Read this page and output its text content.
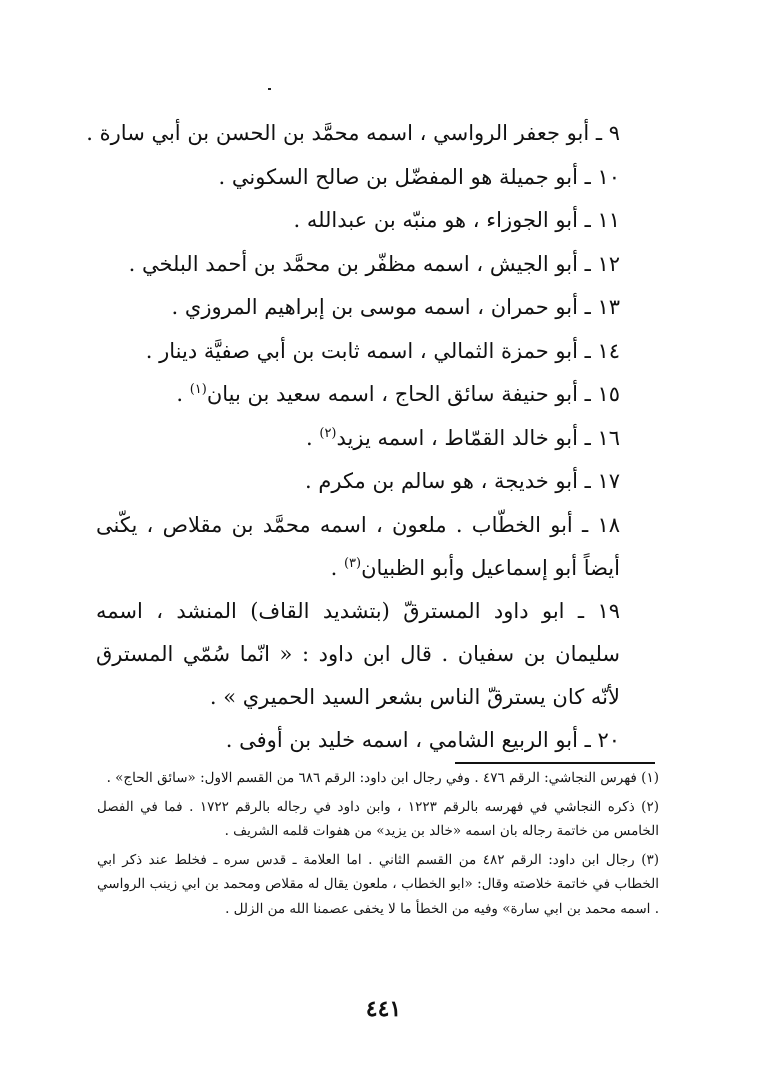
٩ ـ أبو جعفر الرواسي ، اسمه محمَّد بن الحسن بن أبي سارة .
١٠ ـ أبو جميلة هو المفضّل بن صالح السكوني .
١١ ـ أبو الجوزاء ، هو منبّه بن عبدالله .
١٢ ـ أبو الجيش ، اسمه مظفّر بن محمَّد بن أحمد البلخي .
١٣ ـ أبو حمران ، اسمه موسى بن إبراهيم المروزي .
١٤ ـ أبو حمزة الثمالي ، اسمه ثابت بن أبي صفيَّة دينار .
١٥ ـ أبو حنيفة سائق الحاج ، اسمه سعيد بن بيان$^{(١)}$ .
١٦ ـ أبو خالد القمّاط ، اسمه يزيد$^{(٢)}$ .
١٧ ـ أبو خديجة ، هو سالم بن مكرم .
١٨ ـ أبو الخطّاب . ملعون ، اسمه محمَّد بن مقلاص ، يكّنى أيضاً أبو إسماعيل وأبو الظبيان$^{(٣)}$ .
١٩ ـ ابو داود المسترقّ (بتشديد القاف) المنشد ، اسمه سليمان بن سفيان . قال ابن داود : « انّما سُمّي المسترق لأنّه كان يسترقّ الناس بشعر السيد الحميري » .
٢٠ ـ أبو الربيع الشامي ، اسمه خليد بن أوفى .
(١) فهرس النجاشي: الرقم ٤٧٦ . وفي رجال ابن داود: الرقم ٦٨٦ من القسم الاول: «سائق الحاج» .
(٢) ذكره النجاشي في فهرسه بالرقم ١٢٢٣ ، وابن داود في رجاله بالرقم ١٧٢٢ . فما في الفصل الخامس من خاتمة رجاله بان اسمه «خالد بن يزيد» من هفوات قلمه الشريف .
(٣) رجال ابن داود: الرقم ٤٨٢ من القسم الثاني . اما العلامة ـ قدس سره ـ فخلط عند ذكر ابي الخطاب في خاتمة خلاصته وقال: «ابو الخطاب ، ملعون يقال له مقلاص ومحمد بن ابي زينب الرواسي . اسمه محمد بن ابي سارة» وفيه من الخطأ ما لا يخفى عصمنا الله من الزلل .
٤٤١
